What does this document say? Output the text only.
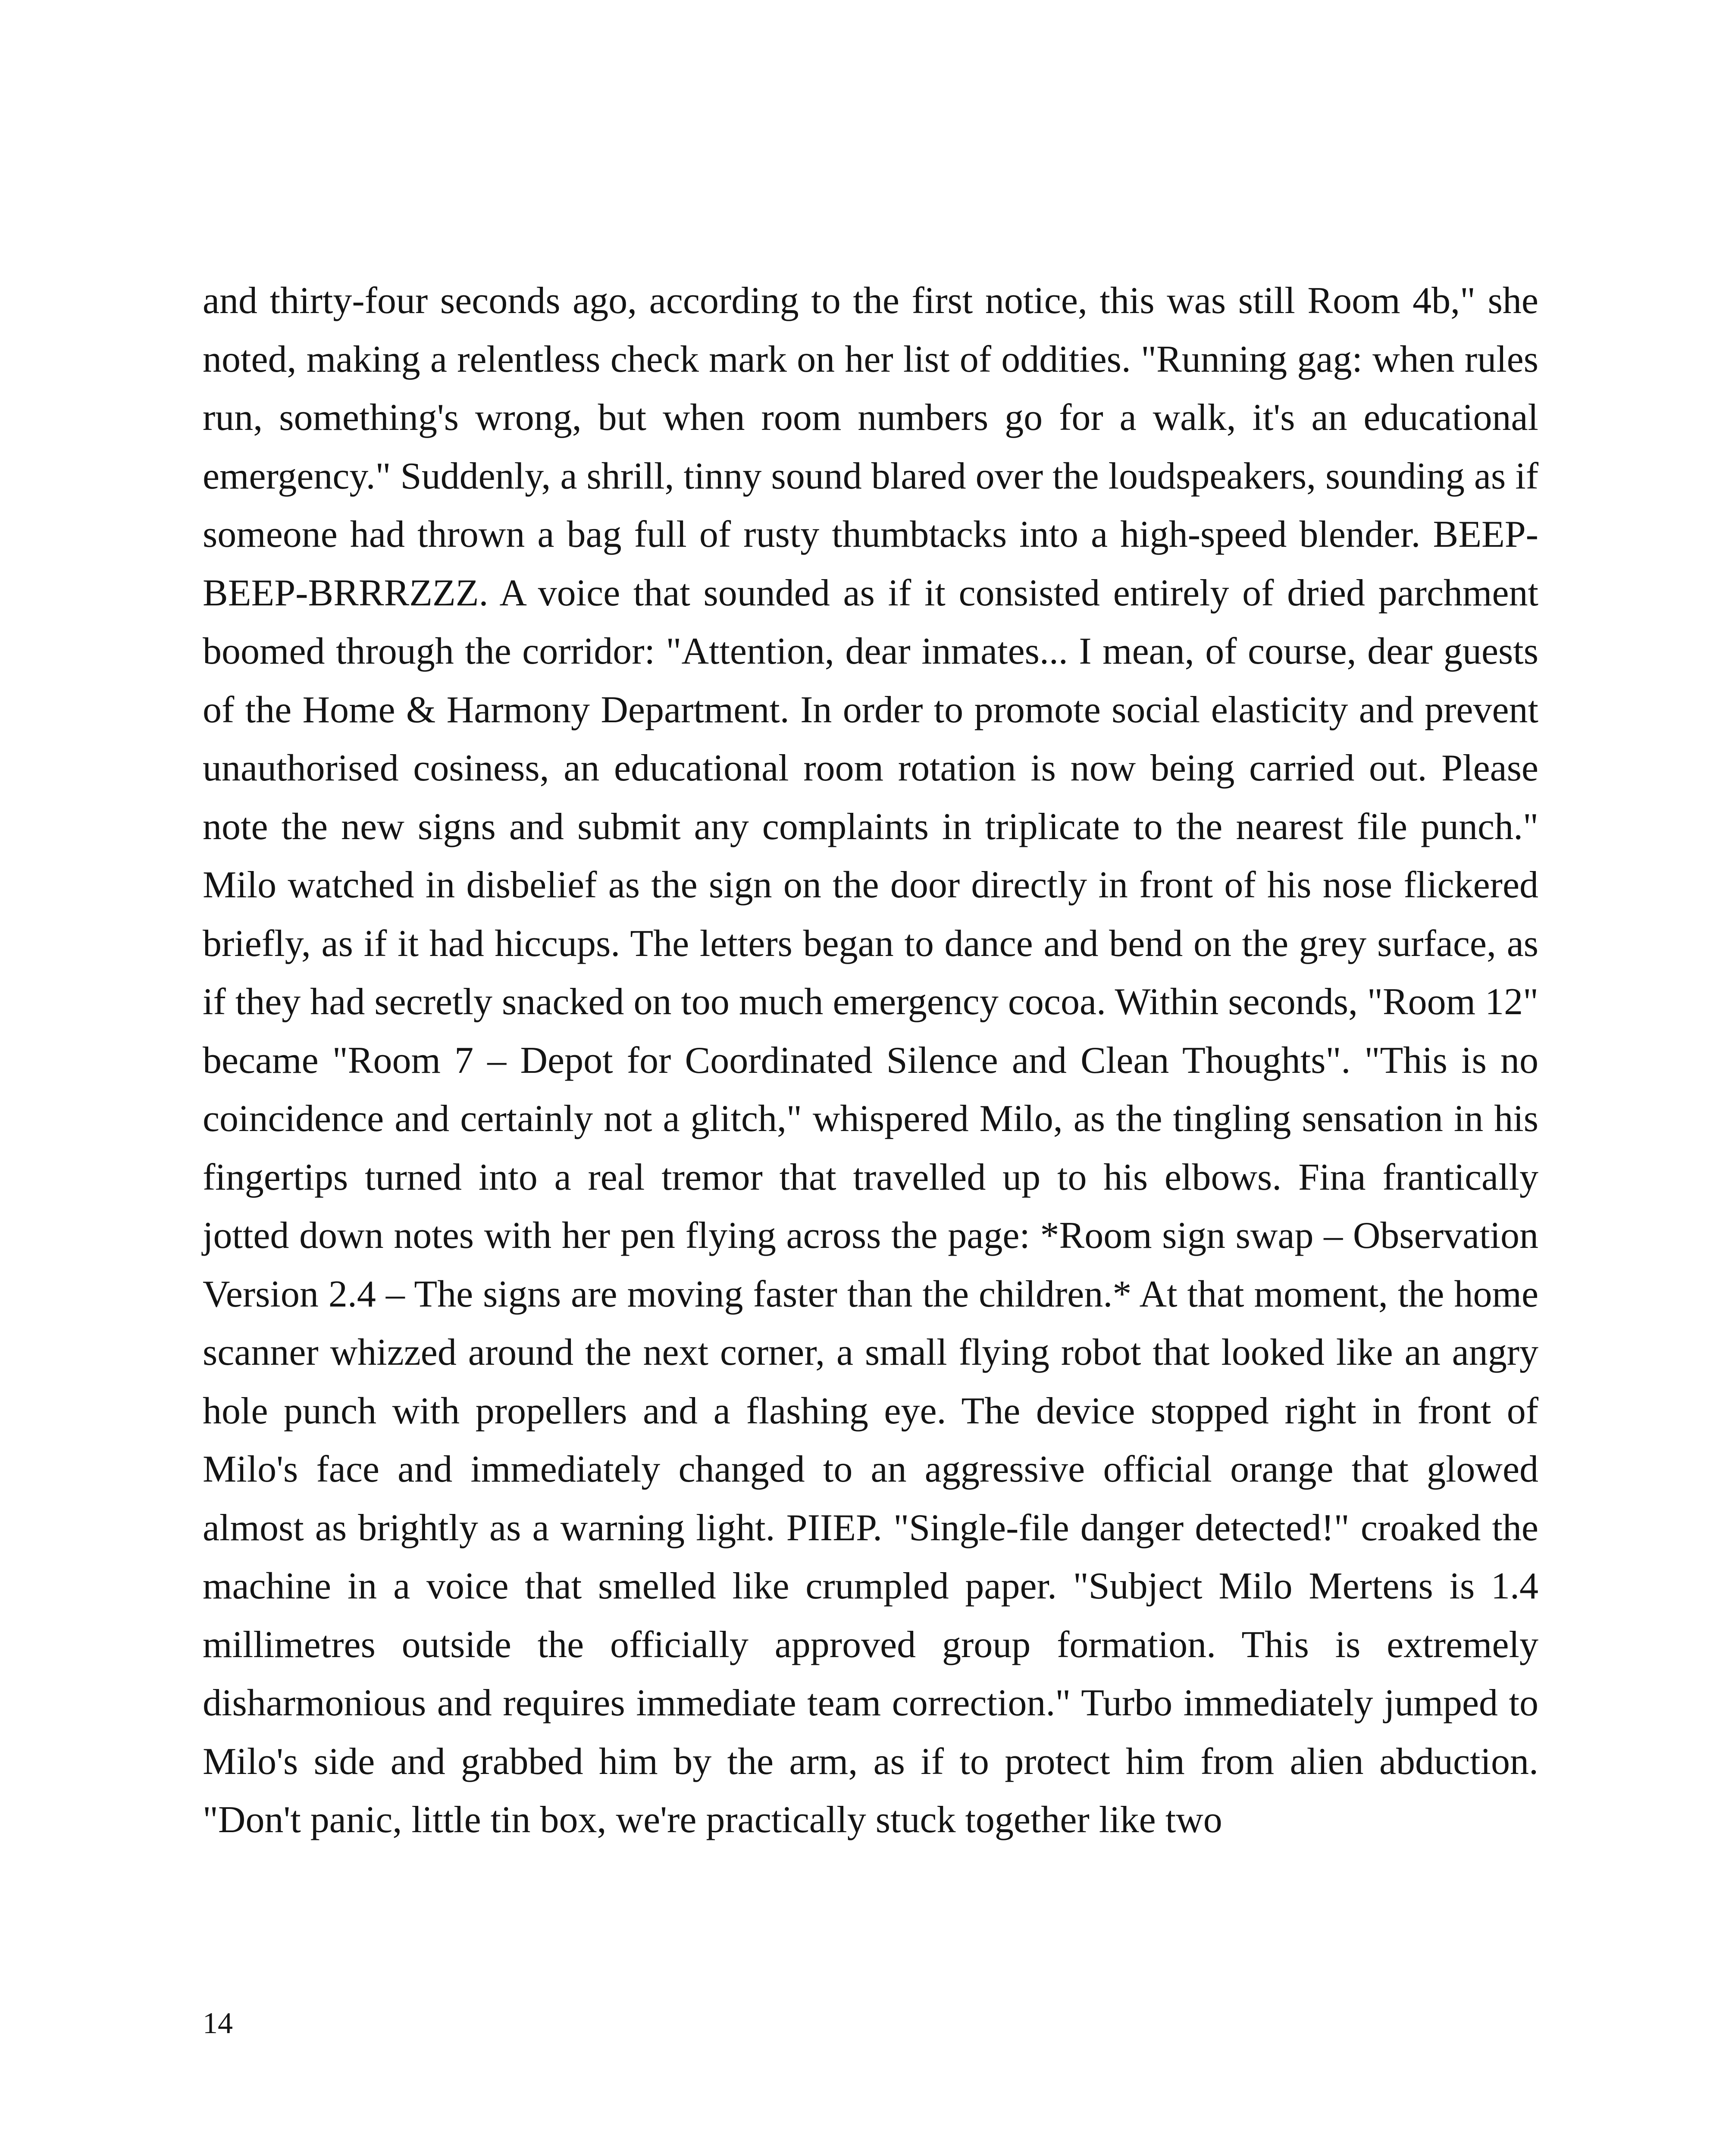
and thirty-four seconds ago, according to the first notice, this was still Room 4b," she noted, making a relentless check mark on her list of oddities. "Running gag: when rules run, something's wrong, but when room numbers go for a walk, it's an educational emergency." Suddenly, a shrill, tinny sound blared over the loudspeakers, sounding as if someone had thrown a bag full of rusty thumbtacks into a high-speed blender. BEEP-BEEP-BRRRZZZ. A voice that sounded as if it consisted entirely of dried parchment boomed through the corridor: "Attention, dear inmates... I mean, of course, dear guests of the Home & Harmony Department. In order to promote social elasticity and prevent unauthorised cosiness, an educational room rotation is now being carried out. Please note the new signs and submit any complaints in triplicate to the nearest file punch." Milo watched in disbelief as the sign on the door directly in front of his nose flickered briefly, as if it had hiccups. The letters began to dance and bend on the grey surface, as if they had secretly snacked on too much emergency cocoa. Within seconds, "Room 12" became "Room 7 – Depot for Coordinated Silence and Clean Thoughts". "This is no coincidence and certainly not a glitch," whispered Milo, as the tingling sensation in his fingertips turned into a real tremor that travelled up to his elbows. Fina frantically jotted down notes with her pen flying across the page: *Room sign swap – Observation Version 2.4 – The signs are moving faster than the children.* At that moment, the home scanner whizzed around the next corner, a small flying robot that looked like an angry hole punch with propellers and a flashing eye. The device stopped right in front of Milo's face and immediately changed to an aggressive official orange that glowed almost as brightly as a warning light. PIIEP. "Single-file danger detected!" croaked the machine in a voice that smelled like crumpled paper. "Subject Milo Mertens is 1.4 millimetres outside the officially approved group formation. This is extremely disharmonious and requires immediate team correction." Turbo immediately jumped to Milo's side and grabbed him by the arm, as if to protect him from alien abduction. "Don't panic, little tin box, we're practically stuck together like two

14
